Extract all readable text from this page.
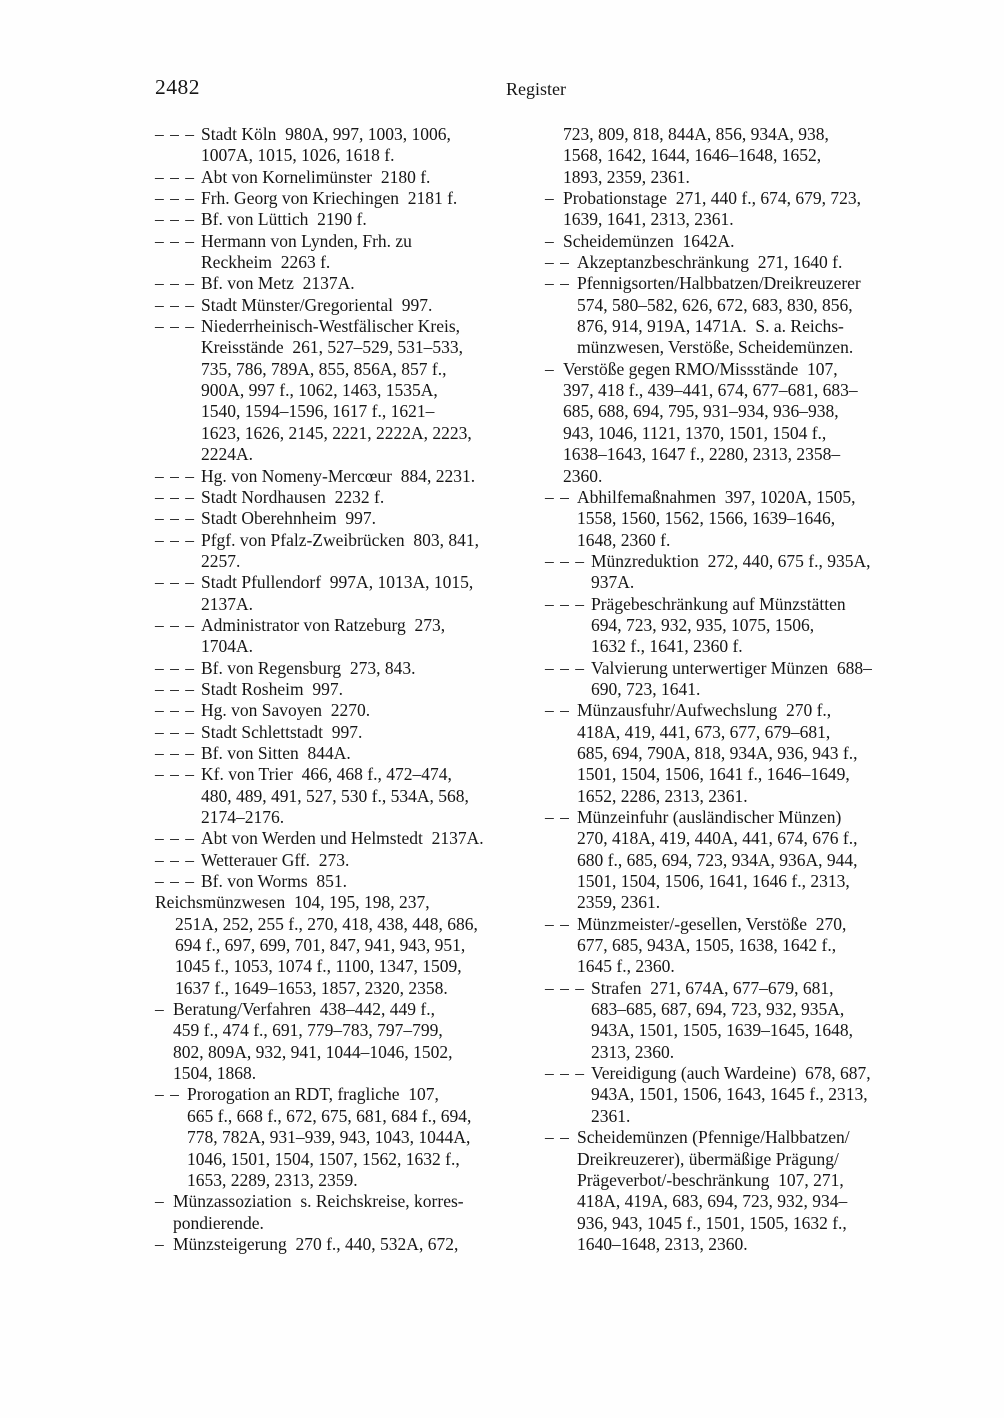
2482	Register
– – – Stadt Köln  980A, 997, 1003, 1006,
1007A, 1015, 1026, 1618 f.
– – – Abt von Kornelimünster  2180 f.
– – – Frh. Georg von Kriechingen  2181 f.
– – – Bf. von Lüttich  2190 f.
– – – Hermann von Lynden, Frh. zu
Reckheim  2263 f.
– – – Bf. von Metz  2137A.
– – – Stadt Münster/Gregoriental  997.
– – – Niederrheinisch-Westfälischer Kreis,
Kreisstände  261, 527–529, 531–533,
735, 786, 789A, 855, 856A, 857 f.,
900A, 997 f., 1062, 1463, 1535A,
1540, 1594–1596, 1617 f., 1621–
1623, 1626, 2145, 2221, 2222A, 2223,
2224A.
– – – Hg. von Nomeny-Mercœur  884, 2231.
– – – Stadt Nordhausen  2232 f.
– – – Stadt Oberehnheim  997.
– – – Pfgf. von Pfalz-Zweibrücken  803, 841,
2257.
– – – Stadt Pfullendorf  997A, 1013A, 1015,
2137A.
– – – Administrator von Ratzeburg  273,
1704A.
– – – Bf. von Regensburg  273, 843.
– – – Stadt Rosheim  997.
– – – Hg. von Savoyen  2270.
– – – Stadt Schlettstadt  997.
– – – Bf. von Sitten  844A.
– – – Kf. von Trier  466, 468 f., 472–474,
480, 489, 491, 527, 530 f., 534A, 568,
2174–2176.
– – – Abt von Werden und Helmstedt  2137A.
– – – Wetterauer Gff.  273.
– – – Bf. von Worms  851.
Reichsmünzwesen  104, 195, 198, 237,
251A, 252, 255 f., 270, 418, 438, 448, 686,
694 f., 697, 699, 701, 847, 941, 943, 951,
1045 f., 1053, 1074 f., 1100, 1347, 1509,
1637 f., 1649–1653, 1857, 2320, 2358.
– Beratung/Verfahren  438–442, 449 f.,
459 f., 474 f., 691, 779–783, 797–799,
802, 809A, 932, 941, 1044–1046, 1502,
1504, 1868.
– – Prorogation an RDT, fragliche  107,
665 f., 668 f., 672, 675, 681, 684 f., 694,
778, 782A, 931–939, 943, 1043, 1044A,
1046, 1501, 1504, 1507, 1562, 1632 f.,
1653, 2289, 2313, 2359.
– Münzassoziation  s. Reichskreise, korres-
pondierende.
– Münzsteigerung  270 f., 440, 532A, 672,
723, 809, 818, 844A, 856, 934A, 938,
1568, 1642, 1644, 1646–1648, 1652,
1893, 2359, 2361.
– Probationstage  271, 440 f., 674, 679, 723,
1639, 1641, 2313, 2361.
– Scheidemünzen  1642A.
– – Akzeptanzbeschränkung  271, 1640 f.
– – Pfennigsorten/Halbbatzen/Dreikreuzerer
574, 580–582, 626, 672, 683, 830, 856,
876, 914, 919A, 1471A.  S. a. Reichs-
münzwesen, Verstöße, Scheidemünzen.
– Verstöße gegen RMO/Missstände  107,
397, 418 f., 439–441, 674, 677–681, 683–
685, 688, 694, 795, 931–934, 936–938,
943, 1046, 1121, 1370, 1501, 1504 f.,
1638–1643, 1647 f., 2280, 2313, 2358–
2360.
– – Abhilfemaßnahmen  397, 1020A, 1505,
1558, 1560, 1562, 1566, 1639–1646,
1648, 2360 f.
– – – Münzreduktion  272, 440, 675 f., 935A,
937A.
– – – Prägebeschränkung auf Münzstätten
694, 723, 932, 935, 1075, 1506,
1632 f., 1641, 2360 f.
– – – Valvierung unterwertiger Münzen  688–
690, 723, 1641.
– – Münzausfuhr/Aufwechslung  270 f.,
418A, 419, 441, 673, 677, 679–681,
685, 694, 790A, 818, 934A, 936, 943 f.,
1501, 1504, 1506, 1641 f., 1646–1649,
1652, 2286, 2313, 2361.
– – Münzeinfuhr (ausländischer Münzen)
270, 418A, 419, 440A, 441, 674, 676 f.,
680 f., 685, 694, 723, 934A, 936A, 944,
1501, 1504, 1506, 1641, 1646 f., 2313,
2359, 2361.
– – Münzmeister/-gesellen, Verstöße  270,
677, 685, 943A, 1505, 1638, 1642 f.,
1645 f., 2360.
– – – Strafen  271, 674A, 677–679, 681,
683–685, 687, 694, 723, 932, 935A,
943A, 1501, 1505, 1639–1645, 1648,
2313, 2360.
– – – Vereidigung (auch Wardeine)  678, 687,
943A, 1501, 1506, 1643, 1645 f., 2313,
2361.
– – Scheidemünzen (Pfennige/Halbbatzen/
Dreikreuzerer), übermäßige Prägung/
Prägeverbot/-beschränkung  107, 271,
418A, 419A, 683, 694, 723, 932, 934–
936, 943, 1045 f., 1501, 1505, 1632 f.,
1640–1648, 2313, 2360.
